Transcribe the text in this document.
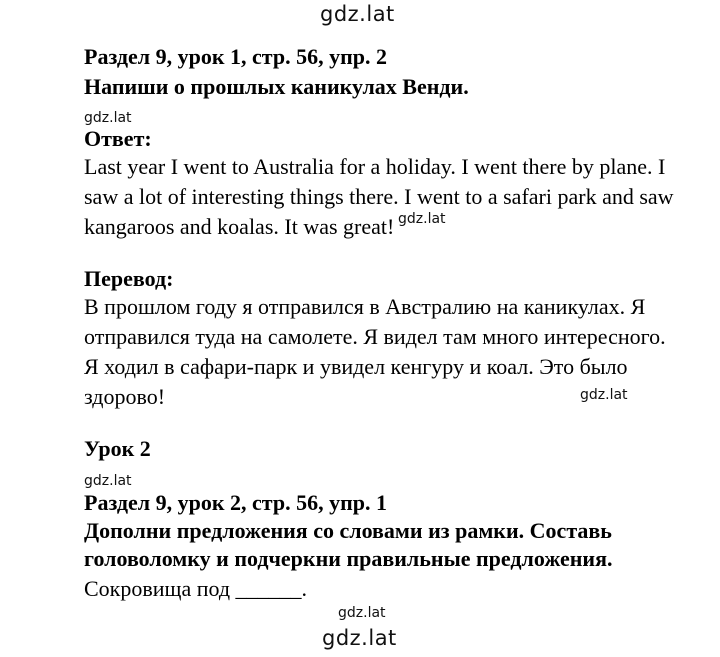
gdz.lat
Раздел 9, урок 1, стр. 56, упр. 2
Напиши о прошлых каникулах Венди.
gdz.lat
Ответ:
Last year I went to Australia for a holiday. I went there by plane. I saw a lot of interesting things there. I went to a safari park and saw kangaroos and koalas. It was great! gdz.lat
Перевод:
В прошлом году я отправился в Австралию на каникулах. Я отправился туда на самолете. Я видел там много интересного. Я ходил в сафари-парк и увидел кенгуру и коал. Это было здорово!	gdz.lat
Урок 2
gdz.lat
Раздел 9, урок 2, стр. 56, упр. 1
Дополни предложения со словами из рамки. Составь
головоломку и подчеркни правильные предложения.
Сокровища под ______.
gdz.lat
gdz.lat
